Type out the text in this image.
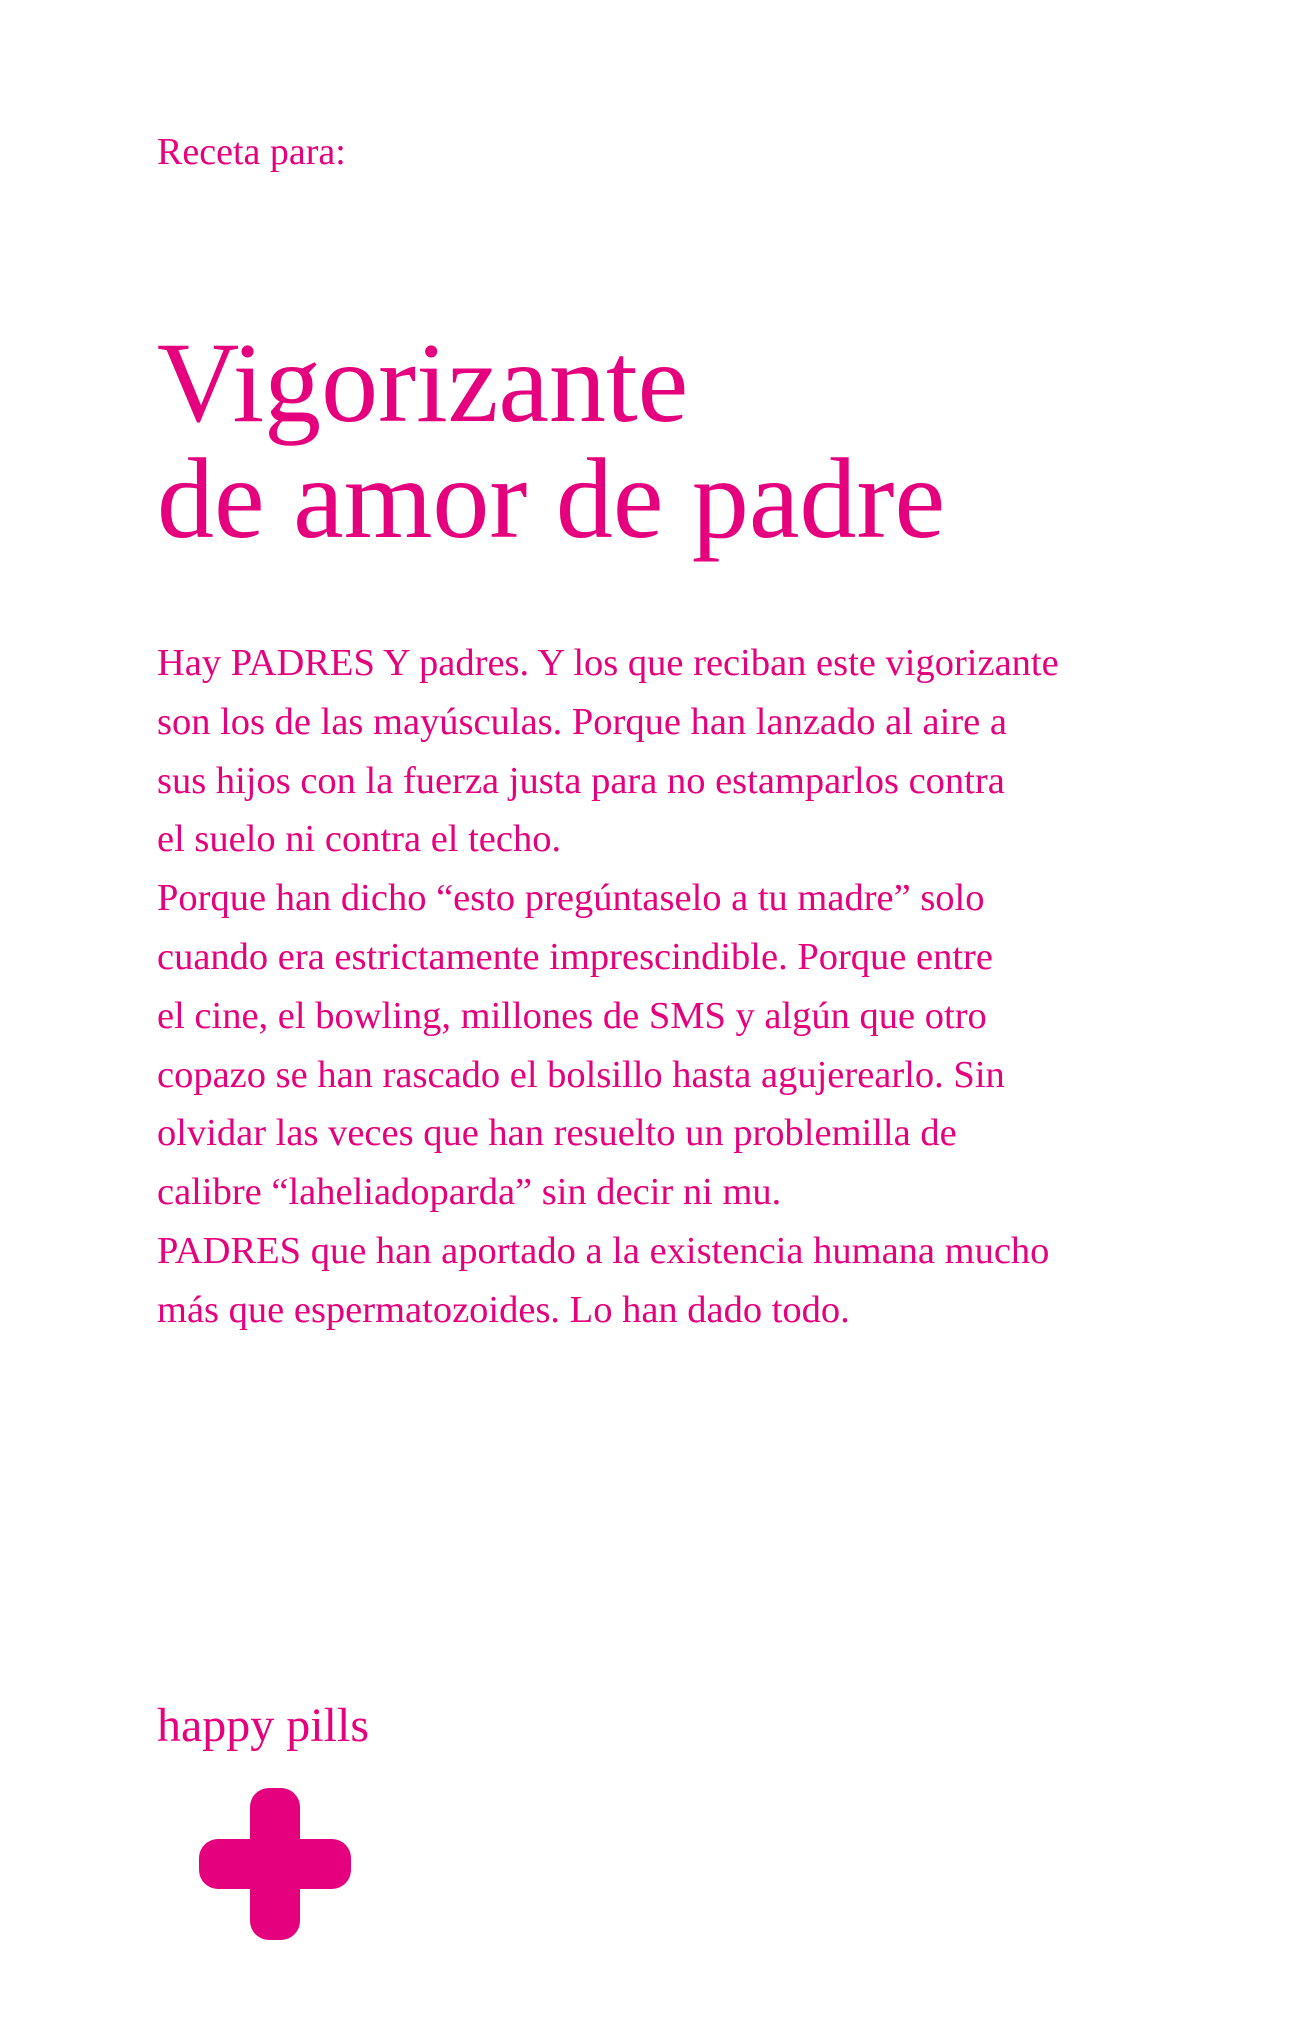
Receta para:
Vigorizante
de amor de padre
Hay PADRES Y padres. Y los que reciban este vigorizante
son los de las mayúsculas. Porque han lanzado al aire a
sus hijos con la fuerza justa para no estamparlos contra
el suelo ni contra el techo.
Porque han dicho “esto pregúntaselo a tu madre” solo
cuando era estrictamente imprescindible. Porque entre
el cine, el bowling, millones de SMS y algún que otro
copazo se han rascado el bolsillo hasta agujerearlo. Sin
olvidar las veces que han resuelto un problemilla de
calibre “laheliadoparda” sin decir ni mu.
PADRES que han aportado a la existencia humana mucho
más que espermatozoides. Lo han dado todo.
happy pills
